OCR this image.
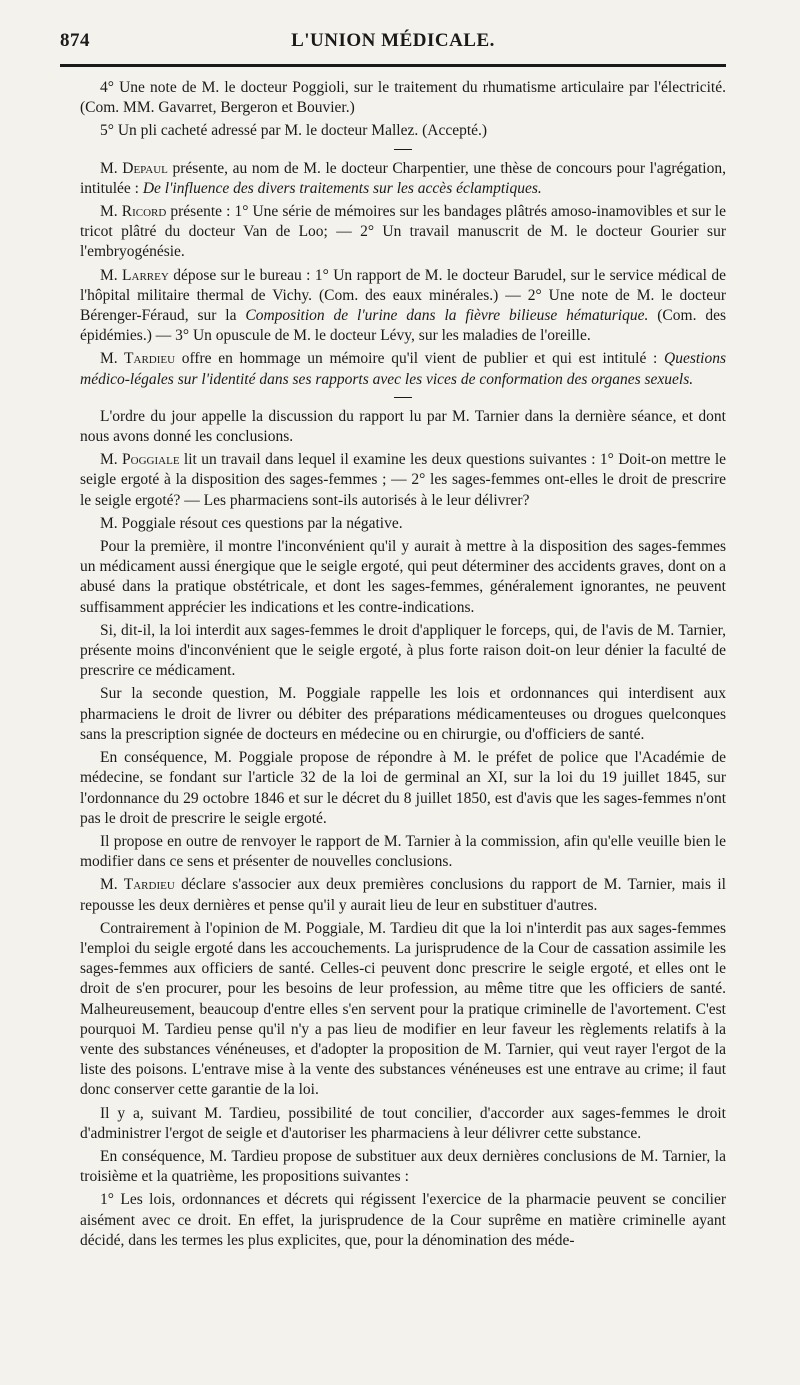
874	L'UNION MÉDICALE.

4° Une note de M. le docteur Poggioli, sur le traitement du rhumatisme articulaire par l'électricité. (Com. MM. Gavarret, Bergeron et Bouvier.)

5° Un pli cacheté adressé par M. le docteur Mallez. (Accepté.)

M. Depaul présente, au nom de M. le docteur Charpentier, une thèse de concours pour l'agrégation, intitulée : De l'influence des divers traitements sur les accès éclamptiques.

M. Ricord présente : 1° Une série de mémoires sur les bandages plâtrés amoso-inamovibles et sur le tricot plâtré du docteur Van de Loo; — 2° Un travail manuscrit de M. le docteur Gourier sur l'embryogénésie.

M. Larrey dépose sur le bureau : 1° Un rapport de M. le docteur Barudel, sur le service médical de l'hôpital militaire thermal de Vichy. (Com. des eaux minérales.) — 2° Une note de M. le docteur Bérenger-Féraud, sur la Composition de l'urine dans la fièvre bilieuse hématurique. (Com. des épidémies.) — 3° Un opuscule de M. le docteur Lévy, sur les maladies de l'oreille.

M. Tardieu offre en hommage un mémoire qu'il vient de publier et qui est intitulé : Questions médico-légales sur l'identité dans ses rapports avec les vices de conformation des organes sexuels.

L'ordre du jour appelle la discussion du rapport lu par M. Tarnier dans la dernière séance, et dont nous avons donné les conclusions.

M. Poggiale lit un travail dans lequel il examine les deux questions suivantes : 1° Doit-on mettre le seigle ergoté à la disposition des sages-femmes ; — 2° les sages-femmes ont-elles le droit de prescrire le seigle ergoté? — Les pharmaciens sont-ils autorisés à le leur délivrer?

M. Poggiale résout ces questions par la négative.

Pour la première, il montre l'inconvénient qu'il y aurait à mettre à la disposition des sages-femmes un médicament aussi énergique que le seigle ergoté, qui peut déterminer des accidents graves, dont on a abusé dans la pratique obstétricale, et dont les sages-femmes, généralement ignorantes, ne peuvent suffisamment apprécier les indications et les contre-indications.

Si, dit-il, la loi interdit aux sages-femmes le droit d'appliquer le forceps, qui, de l'avis de M. Tarnier, présente moins d'inconvénient que le seigle ergoté, à plus forte raison doit-on leur dénier la faculté de prescrire ce médicament.

Sur la seconde question, M. Poggiale rappelle les lois et ordonnances qui interdisent aux pharmaciens le droit de livrer ou débiter des préparations médicamenteuses ou drogues quelconques sans la prescription signée de docteurs en médecine ou en chirurgie, ou d'officiers de santé.

En conséquence, M. Poggiale propose de répondre à M. le préfet de police que l'Académie de médecine, se fondant sur l'article 32 de la loi de germinal an XI, sur la loi du 19 juillet 1845, sur l'ordonnance du 29 octobre 1846 et sur le décret du 8 juillet 1850, est d'avis que les sages-femmes n'ont pas le droit de prescrire le seigle ergoté.

Il propose en outre de renvoyer le rapport de M. Tarnier à la commission, afin qu'elle veuille bien le modifier dans ce sens et présenter de nouvelles conclusions.

M. Tardieu déclare s'associer aux deux premières conclusions du rapport de M. Tarnier, mais il repousse les deux dernières et pense qu'il y aurait lieu de leur en substituer d'autres.

Contrairement à l'opinion de M. Poggiale, M. Tardieu dit que la loi n'interdit pas aux sages-femmes l'emploi du seigle ergoté dans les accouchements. La jurisprudence de la Cour de cassation assimile les sages-femmes aux officiers de santé. Celles-ci peuvent donc prescrire le seigle ergoté, et elles ont le droit de s'en procurer, pour les besoins de leur profession, au même titre que les officiers de santé. Malheureusement, beaucoup d'entre elles s'en servent pour la pratique criminelle de l'avortement. C'est pourquoi M. Tardieu pense qu'il n'y a pas lieu de modifier en leur faveur les règlements relatifs à la vente des substances vénéneuses, et d'adopter la proposition de M. Tarnier, qui veut rayer l'ergot de la liste des poisons. L'entrave mise à la vente des substances vénéneuses est une entrave au crime; il faut donc conserver cette garantie de la loi.

Il y a, suivant M. Tardieu, possibilité de tout concilier, d'accorder aux sages-femmes le droit d'administrer l'ergot de seigle et d'autoriser les pharmaciens à leur délivrer cette substance.

En conséquence, M. Tardieu propose de substituer aux deux dernières conclusions de M. Tarnier, la troisième et la quatrième, les propositions suivantes :

1° Les lois, ordonnances et décrets qui régissent l'exercice de la pharmacie peuvent se concilier aisément avec ce droit. En effet, la jurisprudence de la Cour suprême en matière criminelle ayant décidé, dans les termes les plus explicites, que, pour la dénomination des méde-
